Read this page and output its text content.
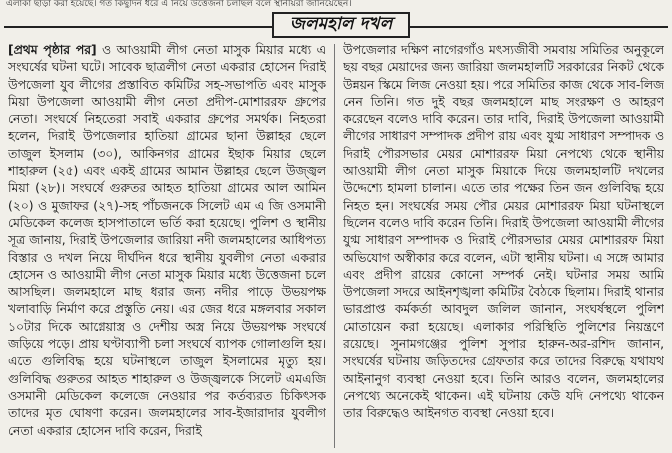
এলাকা ছাড়া করা হয়েছে। গত কিছুদিন ধরে এ নিয়ে উত্তেজনা চলছিল বলে স্থানীয়রা জানিয়েছেন।
জলমহাল দখল

[প্রথম পৃষ্ঠার পর] ও আওয়ামী লীগ নেতা মাসুক মিয়ার মধ্যে এ সংঘর্ষের ঘটনা ঘটে। সাবেক ছাত্রলীগ নেতা একরার হোসেন দিরাই উপজেলা যুব লীগের প্রস্তাবিত কমিটির সহ-সভাপতি এবং মাসুক মিয়া উপজেলা আওয়ামী লীগ নেতা প্রদীপ-মোশাররফ গ্রুপের নেতা। সংঘর্ষে নিহতেরা সবাই একরার গ্রুপের সমর্থক। নিহতরা হলেন, দিরাই উপজেলার হাতিয়া গ্রামের ছানা উল্লাহর ছেলে তাজুল ইসলাম (৩০), আকিনগর গ্রামের ইছাক মিয়ার ছেলে শাহারুল (২৫) এবং একই গ্রামের আমান উল্লাহর ছেলে উজ্জ্বল মিয়া (২৮)। সংঘর্ষে গুরুতর আহত হাতিয়া গ্রামের আল আমিন (২০) ও মুজাফর (২৭)-সহ পাঁচজনকে সিলেট এম এ জি ওসমানী মেডিকেল কলেজ হাসপাতালে ভর্তি করা হয়েছে। পুলিশ ও স্থানীয় সূত্র জানায়, দিরাই উপজেলার জারিয়া নদী জলমহালের আধিপত্য বিস্তার ও দখল নিয়ে দীর্ঘদিন ধরে স্থানীয় যুবলীগ নেতা একরার হোসেন ও আওয়ামী লীগ নেতা মাসুক মিয়ার মধ্যে উত্তেজনা চলে আসছিল। জলমহালে মাছ ধরার জন্য নদীর পাড়ে উভয়পক্ষ খলাবাড়ি নির্মাণ করে প্রস্তুতি নেয়। এর জের ধরে মঙ্গলবার সকাল ১০টার দিকে আগ্নেয়াস্ত্র ও দেশীয় অস্ত্র নিয়ে উভয়পক্ষ সংঘর্ষে জড়িয়ে পড়ে। প্রায় ঘণ্টাব্যাপী চলা সংঘর্ষে ব্যাপক গোলাগুলি হয়। এতে গুলিবিদ্ধ হয়ে ঘটনাস্থলে তাজুল ইসলামের মৃত্যু হয়। গুলিবিদ্ধ গুরুতর আহত শাহারুল ও উজ্জ্বলকে সিলেট এমএজি ওসমানী মেডিকেল কলেজে নেওয়ার পর কর্তব্যরত চিকিৎসক তাদের মৃত ঘোষণা করেন। জলমহালের সাব-ইজারাদার যুবলীগ নেতা একরার হোসেন দাবি করেন, দিরাই

উপজেলার দক্ষিণ নাগেরগাঁও মৎস্যজীবী সমবায় সমিতির অনুকূলে ছয় বছর মেয়াদের জন্য জারিয়া জলমহালটি সরকারের নিকট থেকে উন্নয়ন স্কিমে লিজ নেওয়া হয়। পরে সমিতির কাজ থেকে সাব-লিজ নেন তিনি। গত দুই বছর জলমহালে মাছ সংরক্ষণ ও আহরণ করেছেন বলেও দাবি করেন। তার দাবি, দিরাই উপজেলা আওয়ামী লীগের সাধারণ সম্পাদক প্রদীপ রায় এবং যুগ্ম সাধারণ সম্পাদক ও দিরাই পৌরসভার মেয়র মোশাররফ মিয়া নেপথ্যে থেকে স্থানীয় আওয়ামী লীগ নেতা মাসুক মিয়াকে দিয়ে জলমহালটি দখলের উদ্দেশ্যে হামলা চালান। এতে তার পক্ষের তিন জন গুলিবিদ্ধ হয়ে নিহত হন। সংঘর্ষের সময় পৌর মেয়র মোশাররফ মিয়া ঘটনাস্থলে ছিলেন বলেও দাবি করেন তিনি। দিরাই উপজেলা আওয়ামী লীগের যুগ্ম সাধারণ সম্পাদক ও দিরাই পৌরসভার মেয়র মোশাররফ মিয়া অভিযোগ অস্বীকার করে বলেন, এটা স্থানীয় ঘটনা। এ সঙ্গে আমার এবং প্রদীপ রায়ের কোনো সম্পর্ক নেই। ঘটনার সময় আমি উপজেলা সদরে আইনশৃঙ্খলা কমিটির বৈঠকে ছিলাম। দিরাই থানার ভারপ্রাপ্ত কর্মকর্তা আবদুল জলিল জানান, সংঘর্ষস্থলে পুলিশ মোতায়েন করা হয়েছে। এলাকার পরিস্থিতি পুলিশের নিয়ন্ত্রণে রয়েছে। সুনামগঞ্জের পুলিশ সুপার হারুন-অর-রশিদ জানান, সংঘর্ষের ঘটনায় জড়িতদের গ্রেফতার করে তাদের বিরুদ্ধে যথাযথ আইনানুগ ব্যবস্থা নেওয়া হবে। তিনি আরও বলেন, জলমহালের নেপথ্যে অনেকেই থাকেন। এই ঘটনায় কেউ যদি নেপথ্যে থাকেন তার বিরুদ্ধেও আইনগত ব্যবস্থা নেওয়া হবে।
